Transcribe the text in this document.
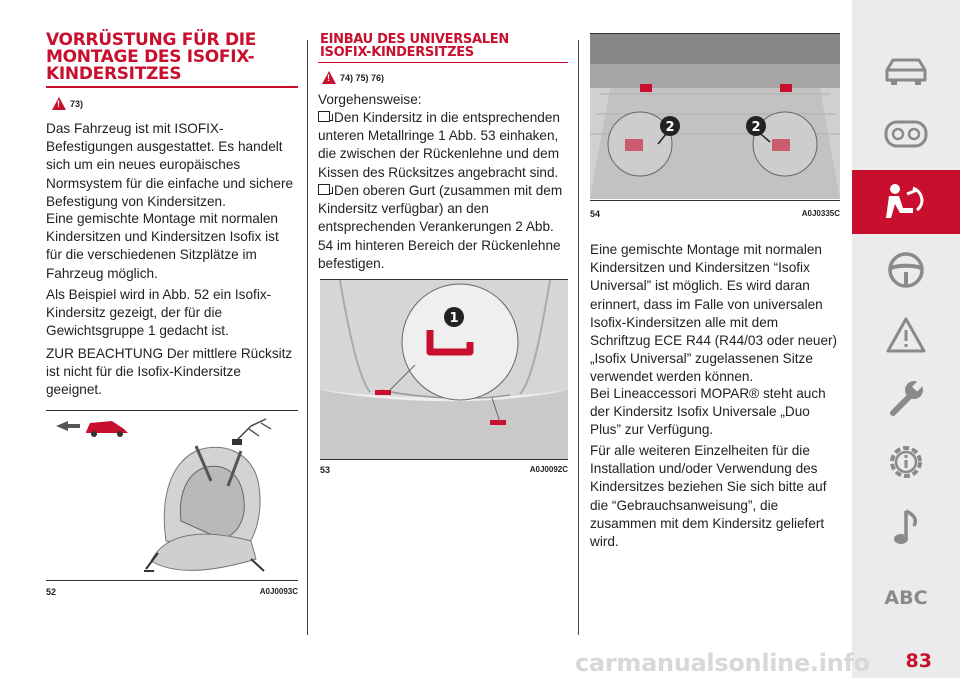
VORRÜSTUNG FÜR DIE MONTAGE DES ISOFIX-KINDERSITZES
!
73)

Das Fahrzeug ist mit ISOFIX-Befestigungen ausgestattet. Es handelt sich um ein neues europäisches Normsystem für die einfache und sichere Befestigung von Kindersitzen.

Eine gemischte Montage mit normalen Kindersitzen und Kindersitzen Isofix ist für die verschiedenen Sitzplätze im Fahrzeug möglich.

Als Beispiel wird in Abb. 52 ein Isofix-Kindersitz gezeigt, der für die Gewichtsgruppe 1 gedacht ist.

ZUR BEACHTUNG Der mittlere Rücksitz ist nicht für die Isofix-Kindersitze geeignet.

52	A0J0093C
EINBAU DES UNIVERSALEN ISOFIX-KINDERSITZES
!
74) 75) 76)

Vorgehensweise:

Den Kindersitz in die entsprechenden unteren Metallringe 1 Abb. 53 einhaken, die zwischen der Rückenlehne und dem Kissen des Rücksitzes angebracht sind.

Den oberen Gurt (zusammen mit dem Kindersitz verfügbar) an den entsprechenden Verankerungen 2 Abb. 54 im hinteren Bereich der Rückenlehne befestigen.

1
53	A0J0092C
2	2
54	A0J0335C

Eine gemischte Montage mit normalen Kindersitzen und Kindersitzen “Isofix Universal” ist möglich. Es wird daran erinnert, dass im Falle von universalen Isofix-Kindersitzen alle mit dem Schriftzug ECE R44 (R44/03 oder neuer) „Isofix Universal” zugelassenen Sitze verwendet werden können.

Bei Lineaccessori MOPAR® steht auch der Kindersitz Isofix Universale „Duo Plus” zur Verfügung.

Für alle weiteren Einzelheiten für die Installation und/oder Verwendung des Kindersitzes beziehen Sie sich bitte auf die “Gebrauchsanweisung”, die zusammen mit dem Kindersitz geliefert wird.

ABC
carmanualsonline.info 83
